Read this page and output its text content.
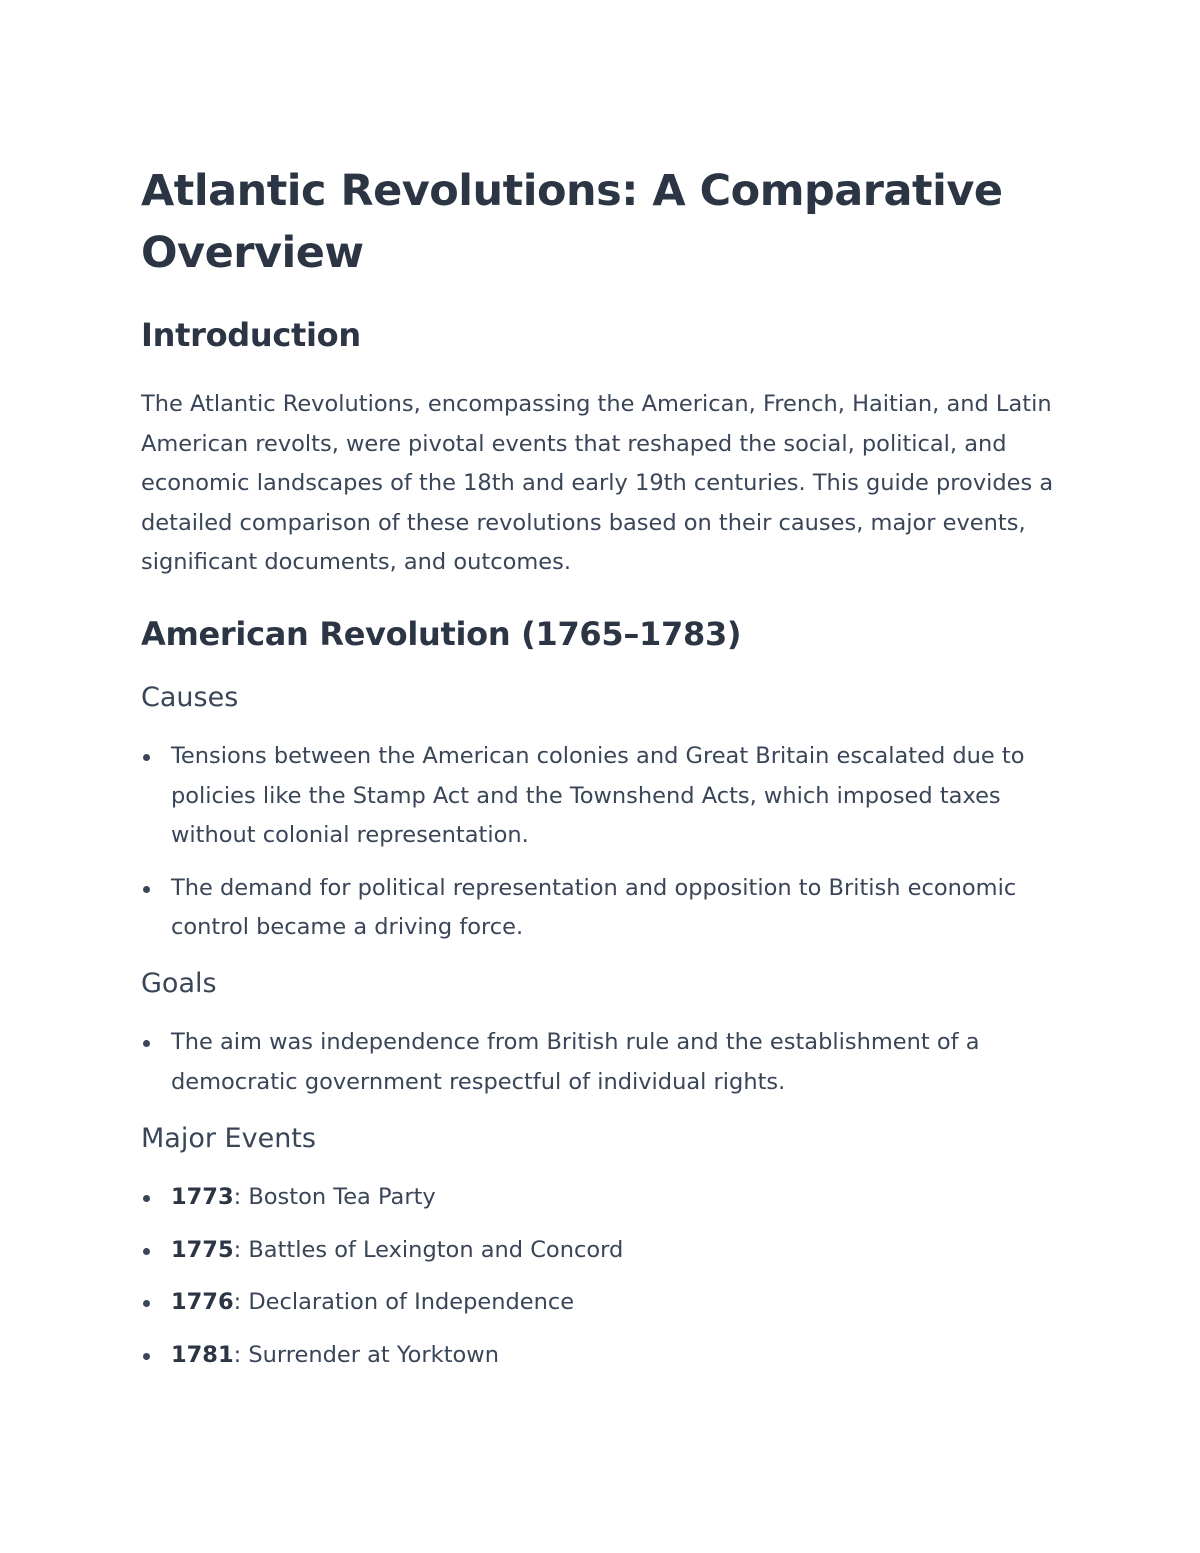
Atlantic Revolutions: A Comparative Overview
Introduction

The Atlantic Revolutions, encompassing the American, French, Haitian, and Latin American revolts, were pivotal events that reshaped the social, political, and economic landscapes of the 18th and early 19th centuries. This guide provides a detailed comparison of these revolutions based on their causes, major events, significant documents, and outcomes.

American Revolution (1765–1783)
Causes
Tensions between the American colonies and Great Britain escalated due to policies like the Stamp Act and the Townshend Acts, which imposed taxes without colonial representation.
The demand for political representation and opposition to British economic control became a driving force.
Goals
The aim was independence from British rule and the establishment of a democratic government respectful of individual rights.
Major Events
1773: Boston Tea Party
1775: Battles of Lexington and Concord
1776: Declaration of Independence
1781: Surrender at Yorktown
